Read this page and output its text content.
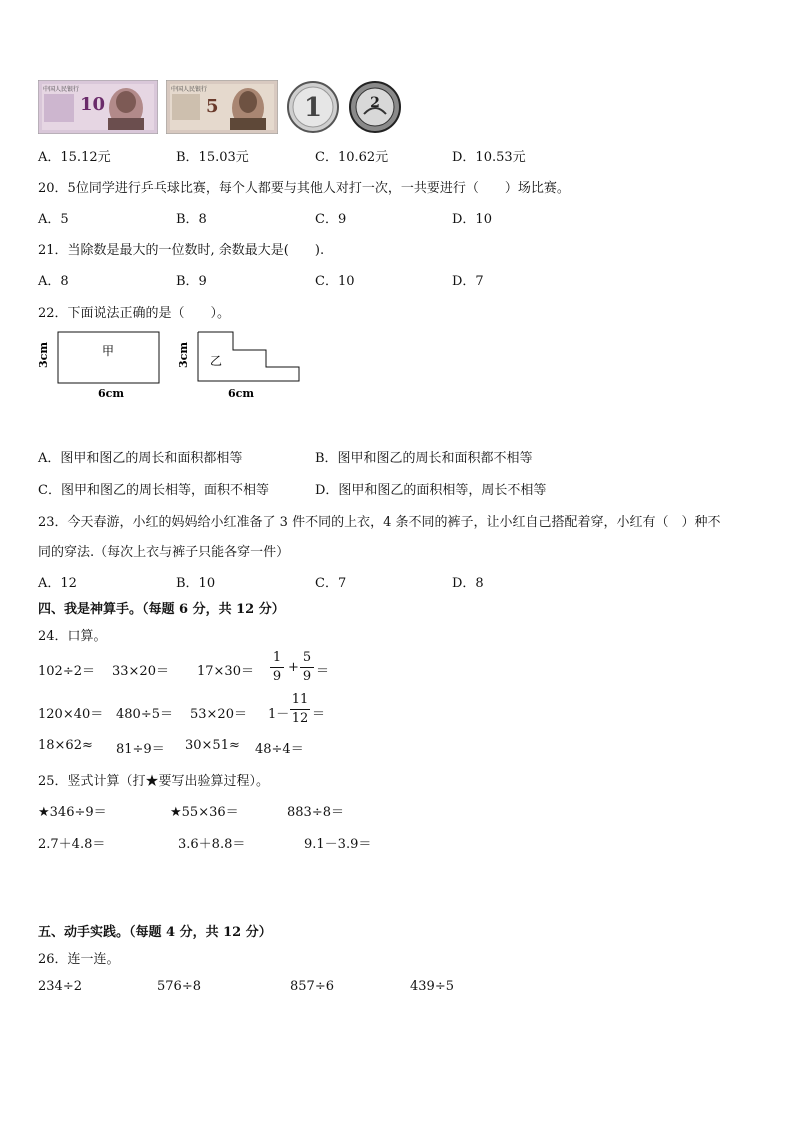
中国人民银行
10
中国人民银行
5	1	2
A．15.12元	B．15.03元	C．10.62元	D．10.53元
20．5位同学进行乒乓球比赛，每个人都要与其他人对打一次，一共要进行（　　）场比赛。
A．5	B．8	C．9	D．10
21．当除数是最大的一位数时, 余数最大是(　　).
A．8	B．9	C．10	D．7
22．下面说法正确的是（　　）。
甲
3cm
6cm
乙
3cm
6cm
A．图甲和图乙的周长和面积都相等	B．图甲和图乙的周长和面积都不相等
C．图甲和图乙的周长相等，面积不相等	D．图甲和图乙的面积相等，周长不相等
23．今天春游，小红的妈妈给小红准备了 3 件不同的上衣，4 条不同的裤子，让小红自己搭配着穿，小红有（　）种不
同的穿法.（每次上衣与裤子只能各穿一件）
A．12	B．10	C．7	D．8
四、我是神算手。（每题 6 分，共 12 分）
24．口算。
102÷2＝ 33×20＝ 17×30＝
1
9
+
5
9 ＝
120×40＝ 480÷5＝ 53×20＝ 1－
11
12 ＝
18×62≈ 81÷9＝ 30×51≈ 48÷4＝
25．竖式计算（打★要写出验算过程）。
★346÷9＝	★55×36＝	883÷8＝
2.7＋4.8＝	3.6＋8.8＝	9.1－3.9＝
五、动手实践。（每题 4 分，共 12 分）
26．连一连。
234÷2	576÷8	857÷6	439÷5
